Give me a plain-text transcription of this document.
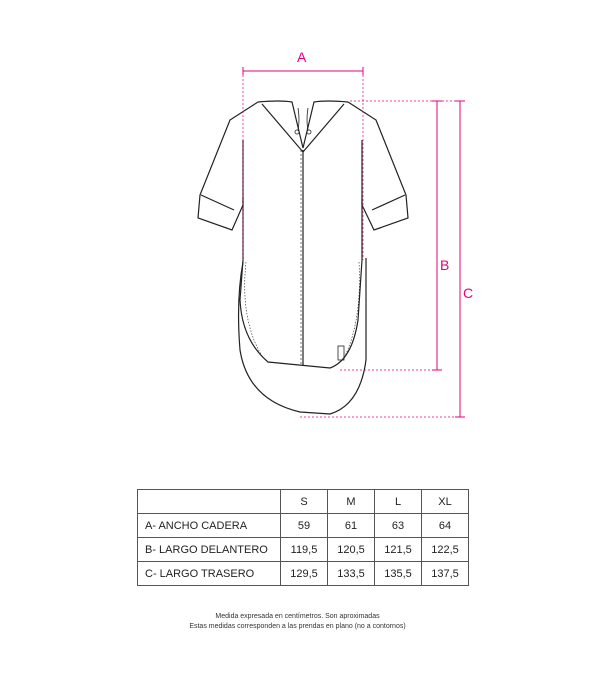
A
B
C
	S	M	L	XL
A- ANCHO CADERA	59	61	63	64
B- LARGO DELANTERO	119,5	120,5	121,5	122,5
C- LARGO TRASERO	129,5	133,5	135,5	137,5
Medida expresada en centímetros. Son aproximadas
Estas medidas corresponden a las prendas en plano (no a contornos)
